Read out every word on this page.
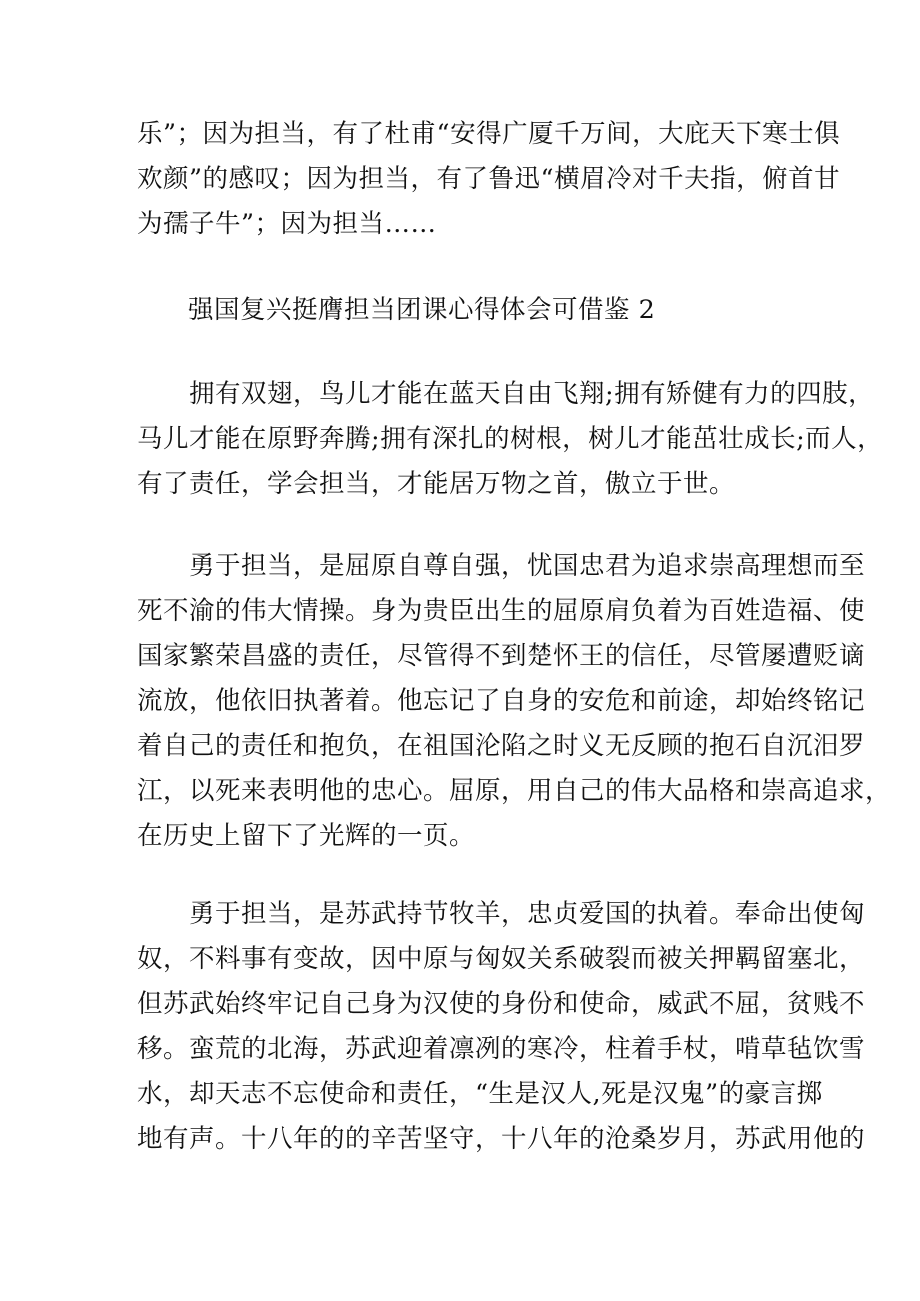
乐”；因为担当，有了杜甫“安得广厦千万间，大庇天下寒士俱
欢颜”的感叹；因为担当，有了鲁迅“横眉冷对千夫指，俯首甘
为孺子牛”；因为担当……

强国复兴挺膺担当团课心得体会可借鉴 2

　　拥有双翅，鸟儿才能在蓝天自由飞翔;拥有矫健有力的四肢，
马儿才能在原野奔腾;拥有深扎的树根，树儿才能茁壮成长;而人，
有了责任，学会担当，才能居万物之首，傲立于世。

　　勇于担当，是屈原自尊自强，忧国忠君为追求崇高理想而至
死不渝的伟大情操。身为贵臣出生的屈原肩负着为百姓造福、使
国家繁荣昌盛的责任，尽管得不到楚怀王的信任，尽管屡遭贬谪
流放，他依旧执著着。他忘记了自身的安危和前途，却始终铭记
着自己的责任和抱负，在祖国沦陷之时义无反顾的抱石自沉汨罗
江，以死来表明他的忠心。屈原，用自己的伟大品格和崇高追求，
在历史上留下了光辉的一页。

　　勇于担当，是苏武持节牧羊，忠贞爱国的执着。奉命出使匈
奴，不料事有变故，因中原与匈奴关系破裂而被关押羁留塞北，
但苏武始终牢记自己身为汉使的身份和使命，威武不屈，贫贱不
移。蛮荒的北海，苏武迎着凛冽的寒冷，柱着手杖，啃草毡饮雪
水，却天志不忘使命和责任，“生是汉人,死是汉鬼”的豪言掷
地有声。十八年的的辛苦坚守，十八年的沧桑岁月，苏武用他的
